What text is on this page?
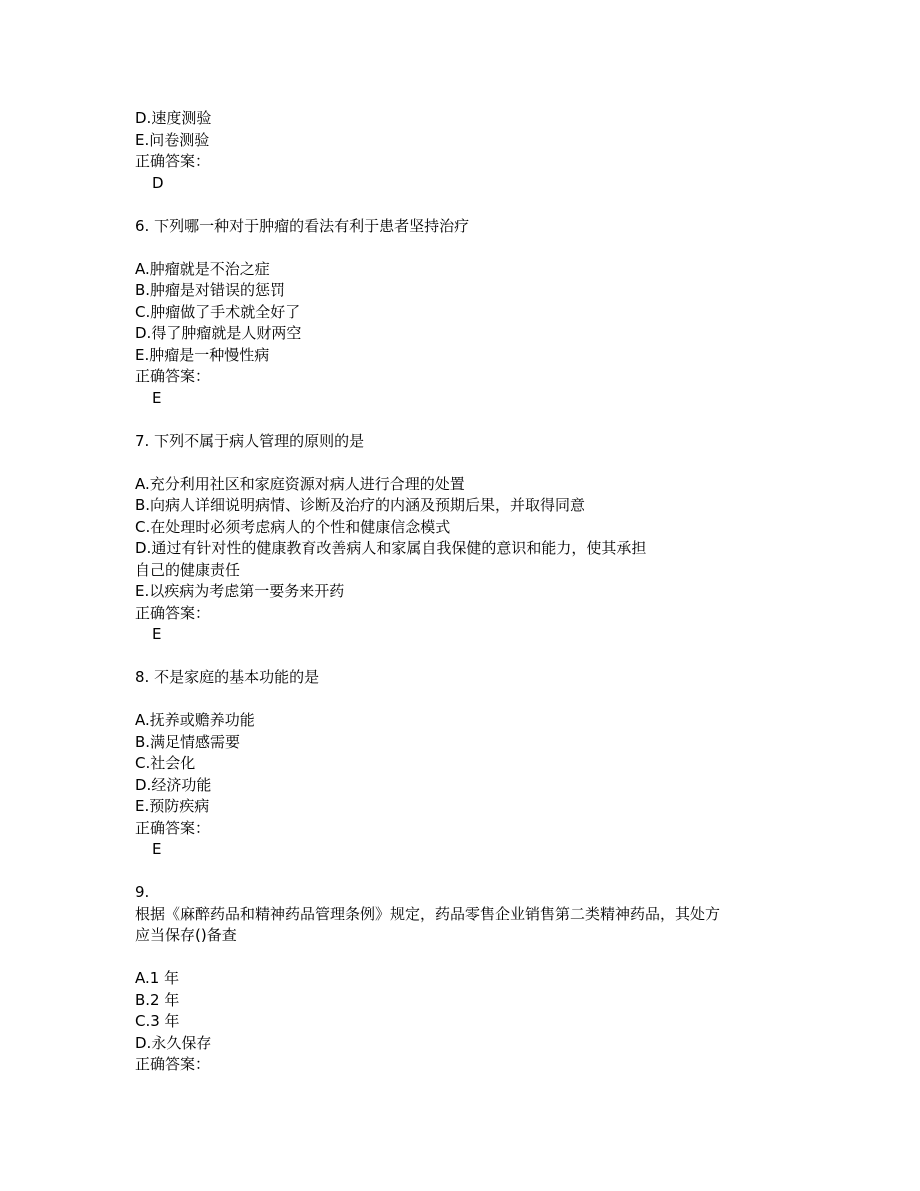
D.速度测验
E.问卷测验
正确答案：
D
6. 下列哪一种对于肿瘤的看法有利于患者坚持治疗
A.肿瘤就是不治之症
B.肿瘤是对错误的惩罚
C.肿瘤做了手术就全好了
D.得了肿瘤就是人财两空
E.肿瘤是一种慢性病
正确答案：
E
7. 下列不属于病人管理的原则的是
A.充分利用社区和家庭资源对病人进行合理的处置
B.向病人详细说明病情、诊断及治疗的内涵及预期后果，并取得同意
C.在处理时必须考虑病人的个性和健康信念模式
D.通过有针对性的健康教育改善病人和家属自我保健的意识和能力，使其承担
自己的健康责任
E.以疾病为考虑第一要务来开药
正确答案：
E
8. 不是家庭的基本功能的是
A.抚养或赡养功能
B.满足情感需要
C.社会化
D.经济功能
E.预防疾病
正确答案：
E
9.
根据《麻醉药品和精神药品管理条例》规定，药品零售企业销售第二类精神药品，其处方
应当保存()备查
A.1 年
B.2 年
C.3 年
D.永久保存
正确答案：
